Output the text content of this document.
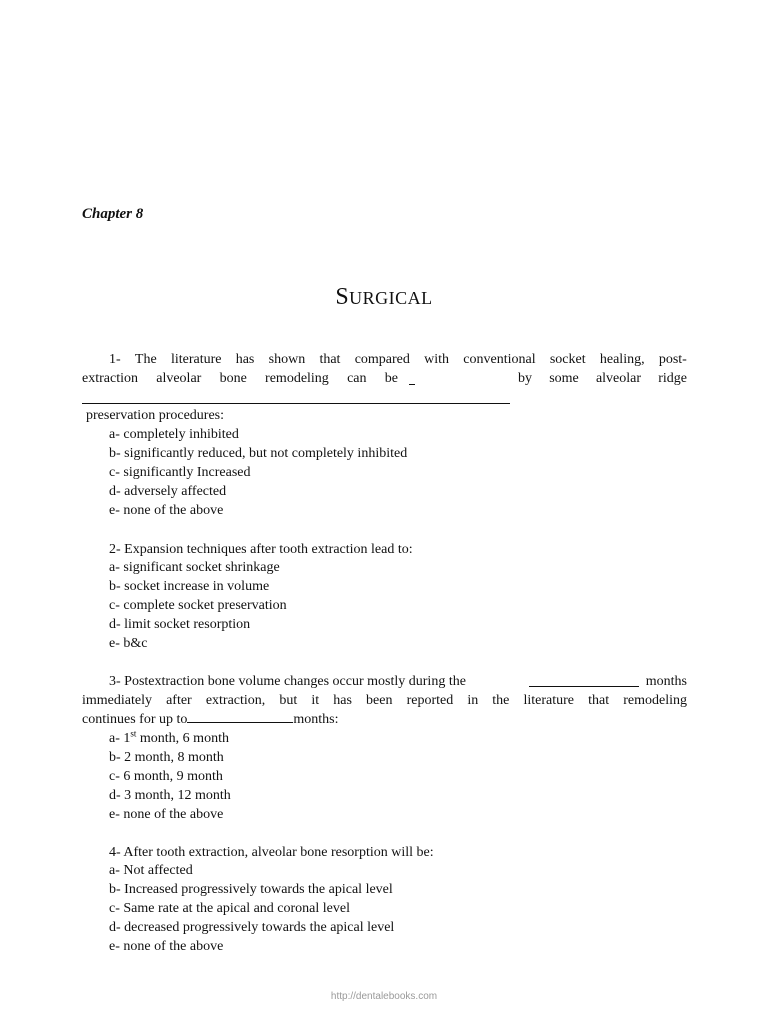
Chapter 8
SURGICAL
1- The literature has shown that compared with conventional socket healing, post-
extraction alveolar bone remodeling can be	by some alveolar ridge
preservation procedures:
a- completely inhibited
b- significantly reduced, but not completely inhibited
c- significantly Increased
d- adversely affected
e- none of the above
2- Expansion techniques after tooth extraction lead to:
a- significant socket shrinkage
b- socket increase in volume
c- complete socket preservation
d- limit socket resorption
e- b&c
3- Postextraction bone volume changes occur mostly during the	months
immediately after extraction, but it has been reported in the literature that remodeling
continues for up to	months:
a- 1st month, 6 month
b- 2 month, 8 month
c- 6 month, 9 month
d- 3 month, 12 month
e- none of the above
4- After tooth extraction, alveolar bone resorption will be:
a- Not affected
b- Increased progressively towards the apical level
c- Same rate at the apical and coronal level
d- decreased progressively towards the apical level
e- none of the above
http://dentalebooks.com
